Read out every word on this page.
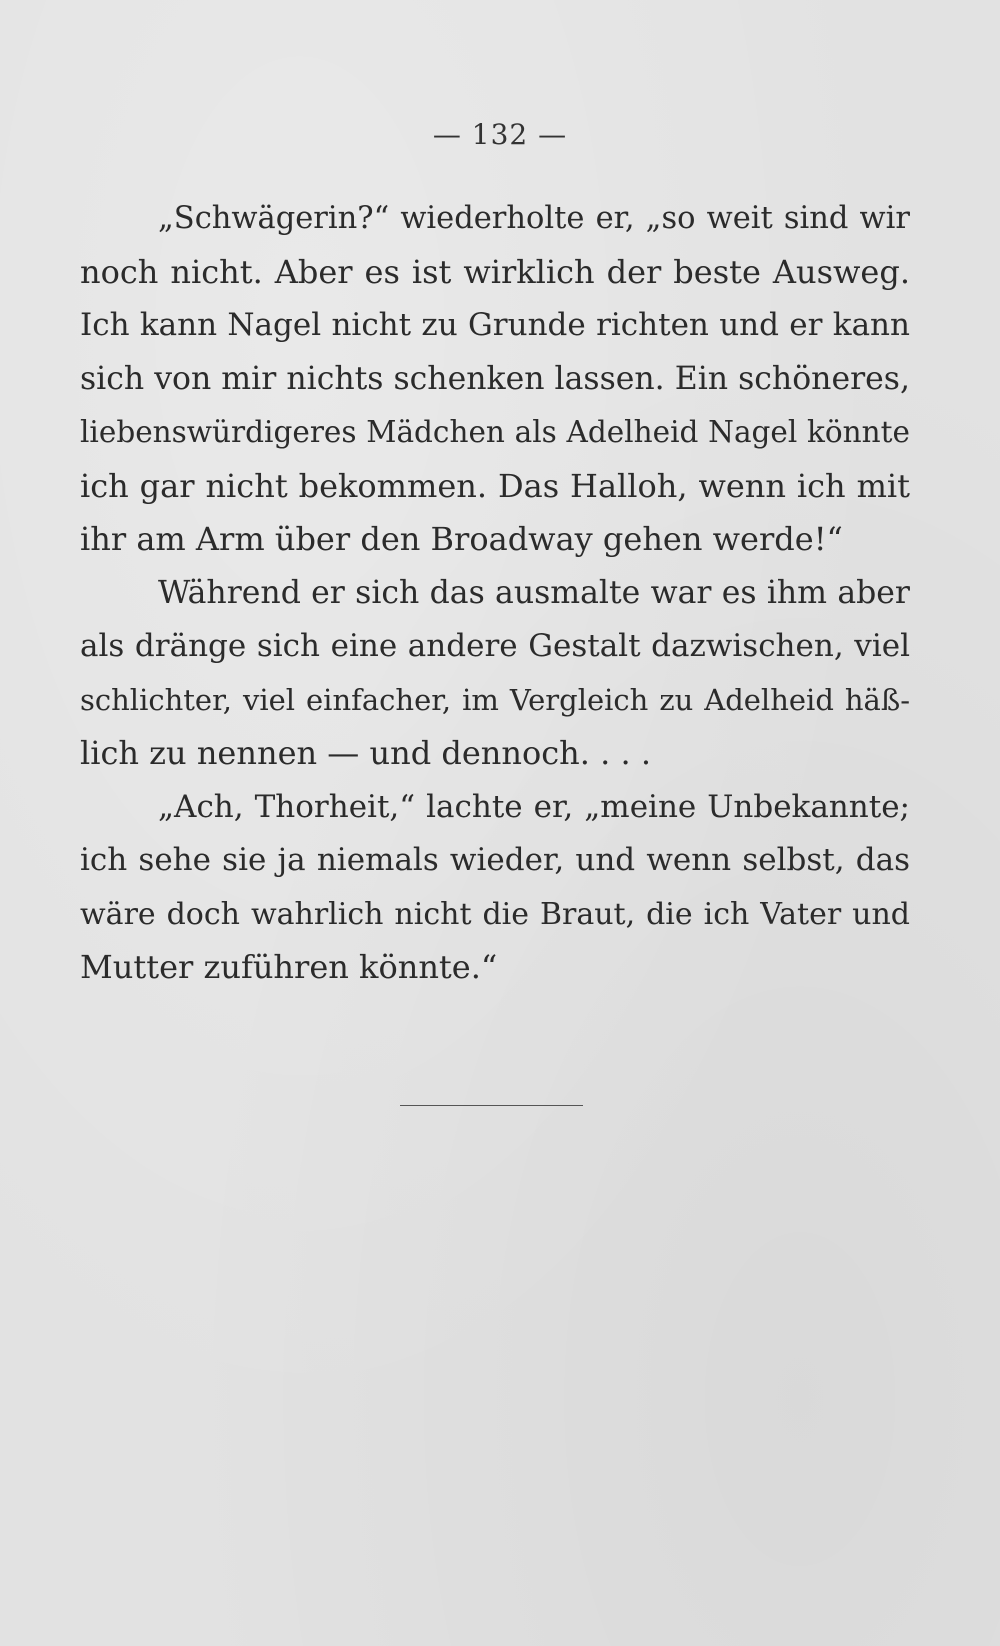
— 132 —
„Schwägerin?“ wiederholte er, „so weit sind wir
noch nicht. Aber es ist wirklich der beste Ausweg.
Ich kann Nagel nicht zu Grunde richten und er kann
sich von mir nichts schenken lassen. Ein schöneres,
liebenswürdigeres Mädchen als Adelheid Nagel könnte
ich gar nicht bekommen. Das Halloh, wenn ich mit
ihr am Arm über den Broadway gehen werde!“
Während er sich das ausmalte war es ihm aber
als dränge sich eine andere Gestalt dazwischen, viel
schlichter, viel einfacher, im Vergleich zu Adelheid häß-
lich zu nennen — und dennoch. . . .
„Ach, Thorheit,“ lachte er, „meine Unbekannte;
ich sehe sie ja niemals wieder, und wenn selbst, das
wäre doch wahrlich nicht die Braut, die ich Vater und
Mutter zuführen könnte.“
